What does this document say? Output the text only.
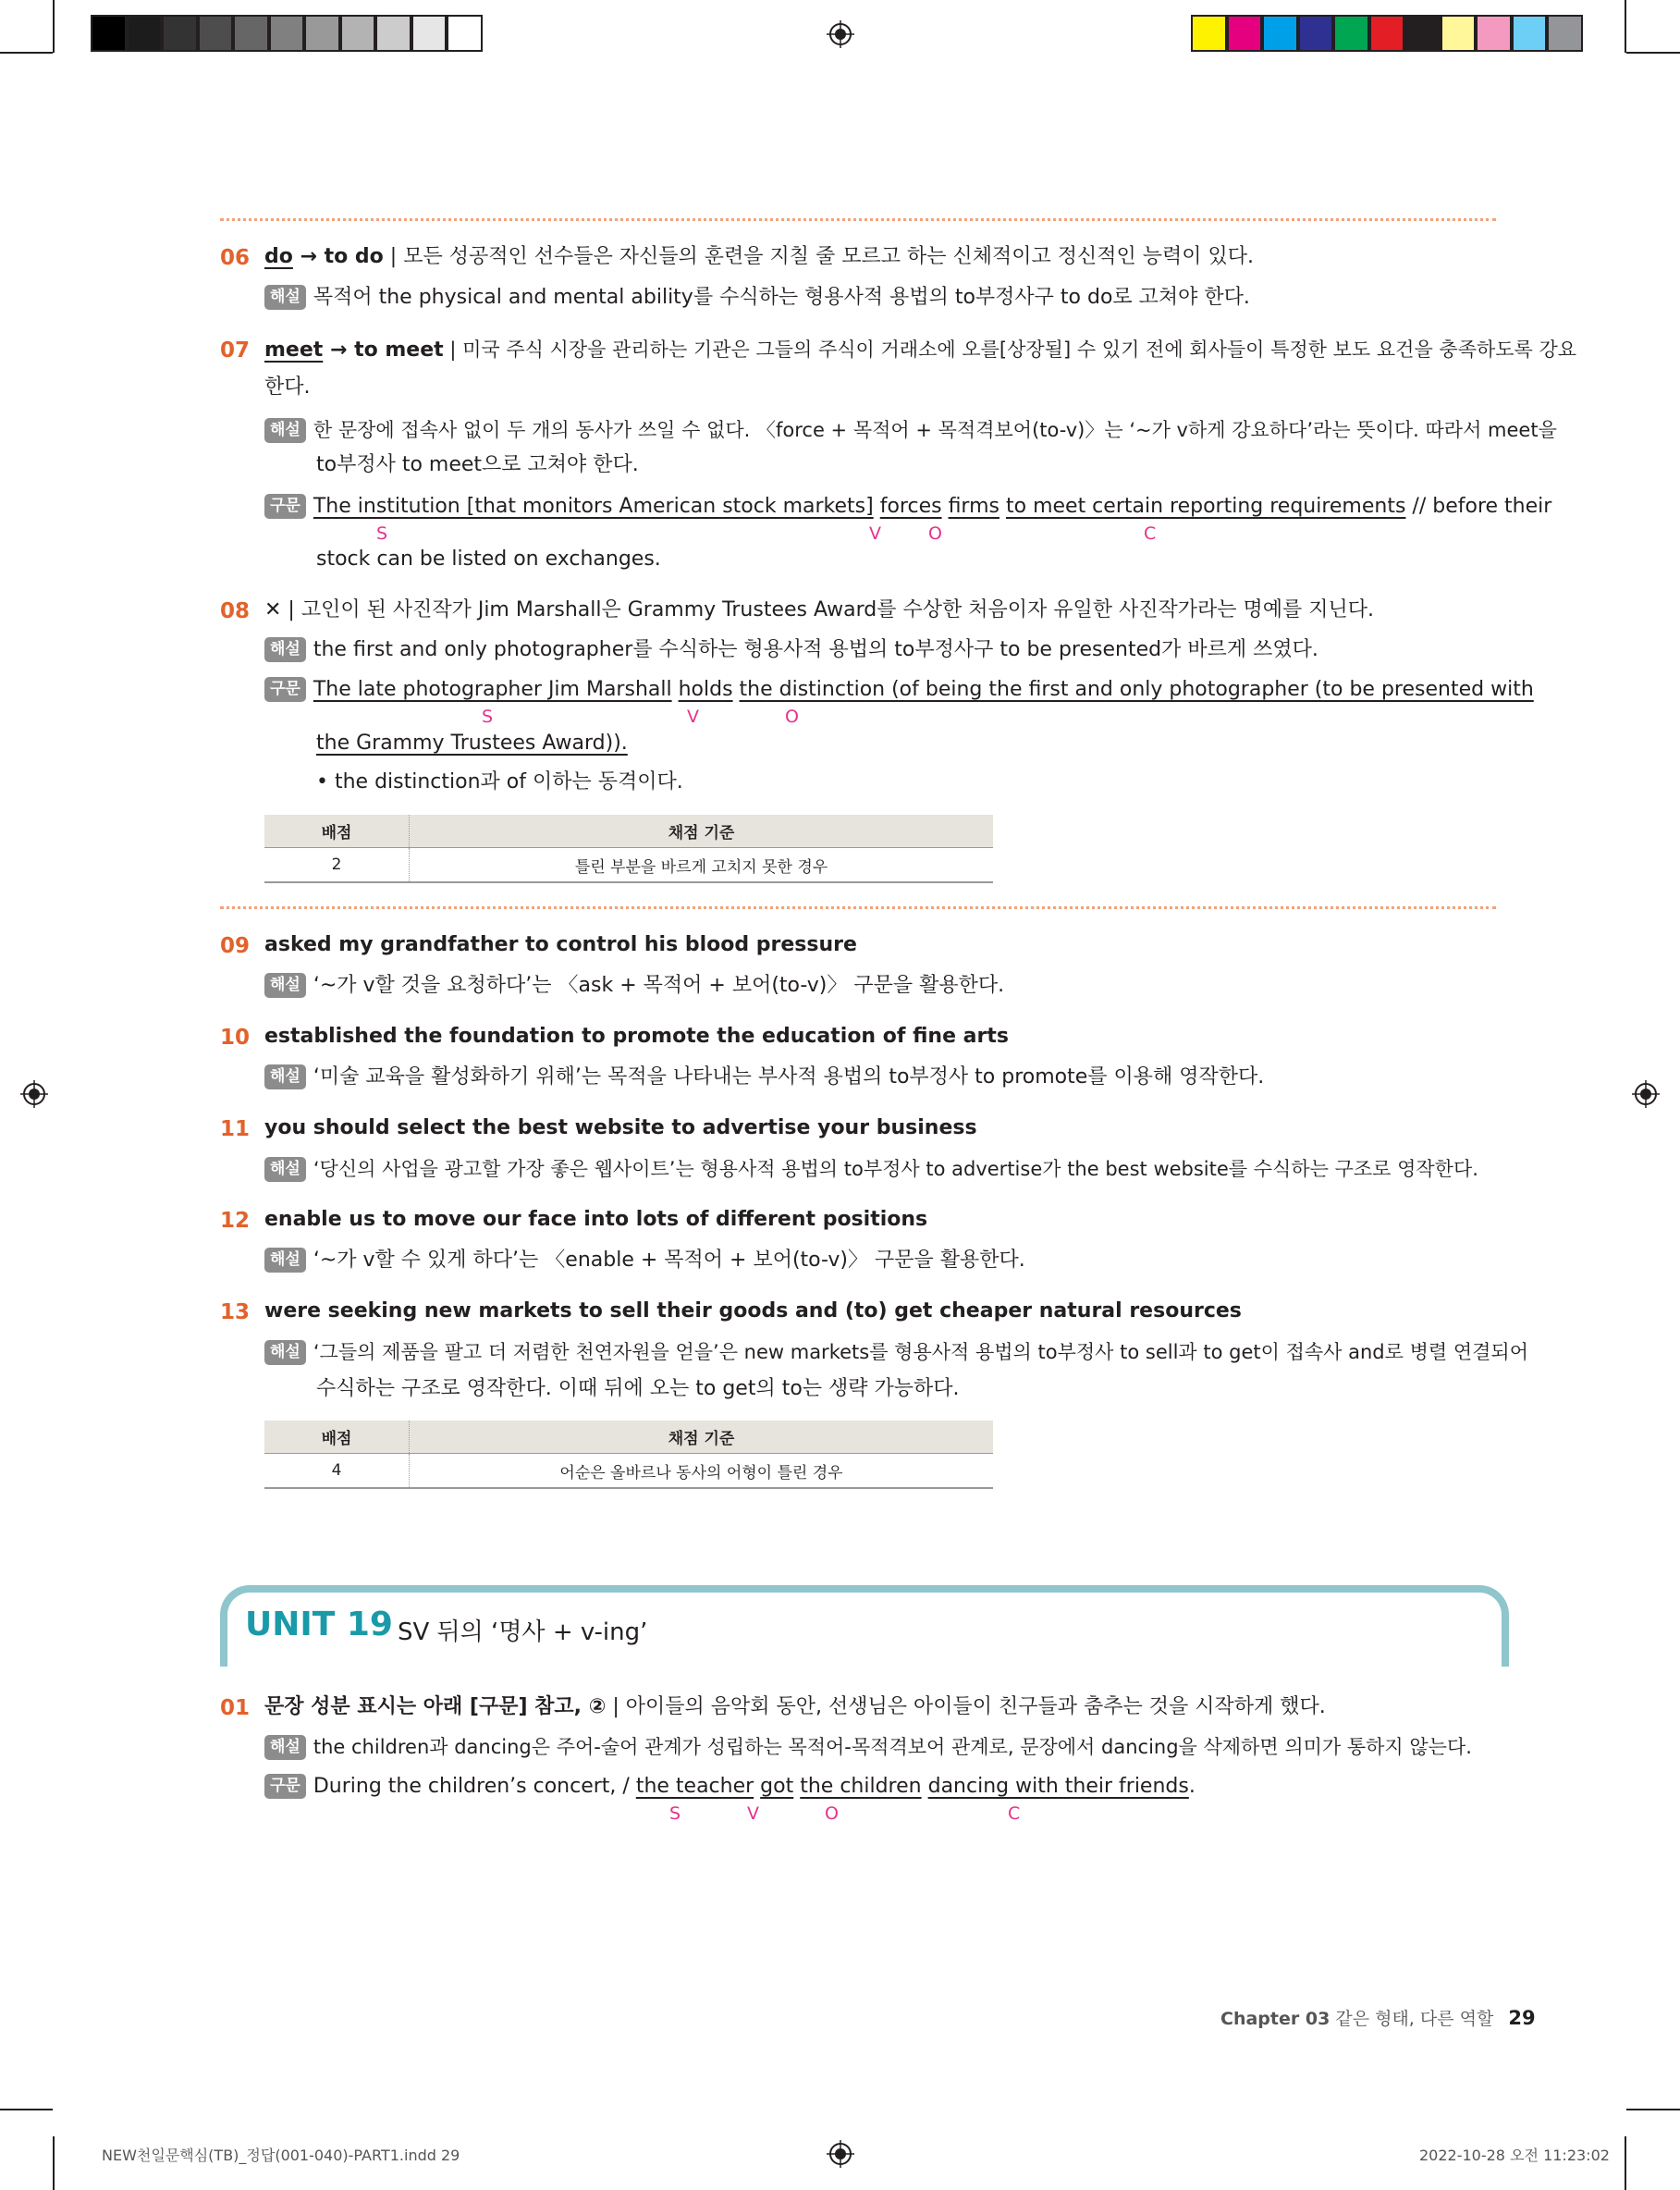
06 do → to do | 모든 성공적인 선수들은 자신들의 훈련을 지칠 줄 모르고 하는 신체적이고 정신적인 능력이 있다.
해설 목적어 the physical and mental ability를 수식하는 형용사적 용법의 to부정사구 to do로 고쳐야 한다.
07 meet → to meet | 미국 주식 시장을 관리하는 기관은 그들의 주식이 거래소에 오를[상장될] 수 있기 전에 회사들이 특정한 보도 요건을 충족하도록 강요
한다.
해설 한 문장에 접속사 없이 두 개의 동사가 쓰일 수 없다. 〈force + 목적어 + 목적격보어(to-v)〉는 ‘~가 v하게 강요하다’라는 뜻이다. 따라서 meet을
to부정사 to meet으로 고쳐야 한다.
구문 The institution [that monitors American stock markets] forces firms to meet certain reporting requirements // before their
S	V	O	C
stock can be listed on exchanges.
08 ✕ | 고인이 된 사진작가 Jim Marshall은 Grammy Trustees Award를 수상한 처음이자 유일한 사진작가라는 명예를 지닌다.
해설 the first and only photographer를 수식하는 형용사적 용법의 to부정사구 to be presented가 바르게 쓰였다.
구문 The late photographer Jim Marshall holds the distinction (of being the first and only photographer (to be presented with
S	V	O
the Grammy Trustees Award)).
• the distinction과 of 이하는 동격이다.
배점	채점 기준
2	틀린 부분을 바르게 고치지 못한 경우
09 asked my grandfather to control his blood pressure
해설 ‘~가 v할 것을 요청하다’는 〈ask + 목적어 + 보어(to-v)〉 구문을 활용한다.
10 established the foundation to promote the education of fine arts
해설 ‘미술 교육을 활성화하기 위해’는 목적을 나타내는 부사적 용법의 to부정사 to promote를 이용해 영작한다.
11 you should select the best website to advertise your business
해설 ‘당신의 사업을 광고할 가장 좋은 웹사이트’는 형용사적 용법의 to부정사 to advertise가 the best website를 수식하는 구조로 영작한다.
12 enable us to move our face into lots of different positions
해설 ‘~가 v할 수 있게 하다’는 〈enable + 목적어 + 보어(to-v)〉 구문을 활용한다.
13 were seeking new markets to sell their goods and (to) get cheaper natural resources
해설 ‘그들의 제품을 팔고 더 저렴한 천연자원을 얻을’은 new markets를 형용사적 용법의 to부정사 to sell과 to get이 접속사 and로 병렬 연결되어
수식하는 구조로 영작한다. 이때 뒤에 오는 to get의 to는 생략 가능하다.
배점	채점 기준
4	어순은 올바르나 동사의 어형이 틀린 경우
UNIT 19 SV 뒤의 ‘명사 + v-ing’
01 문장 성분 표시는 아래 [구문] 참고, ② | 아이들의 음악회 동안, 선생님은 아이들이 친구들과 춤추는 것을 시작하게 했다.
해설 the children과 dancing은 주어-술어 관계가 성립하는 목적어-목적격보어 관계로, 문장에서 dancing을 삭제하면 의미가 통하지 않는다.
구문 During the children’s concert, / the teacher got the children dancing with their friends.
S	V	O	C
Chapter 03 같은 형태, 다른 역할 29
NEW천일문핵심(TB)_정답(001-040)-PART1.indd 29	2022-10-28 오전 11:23:02
